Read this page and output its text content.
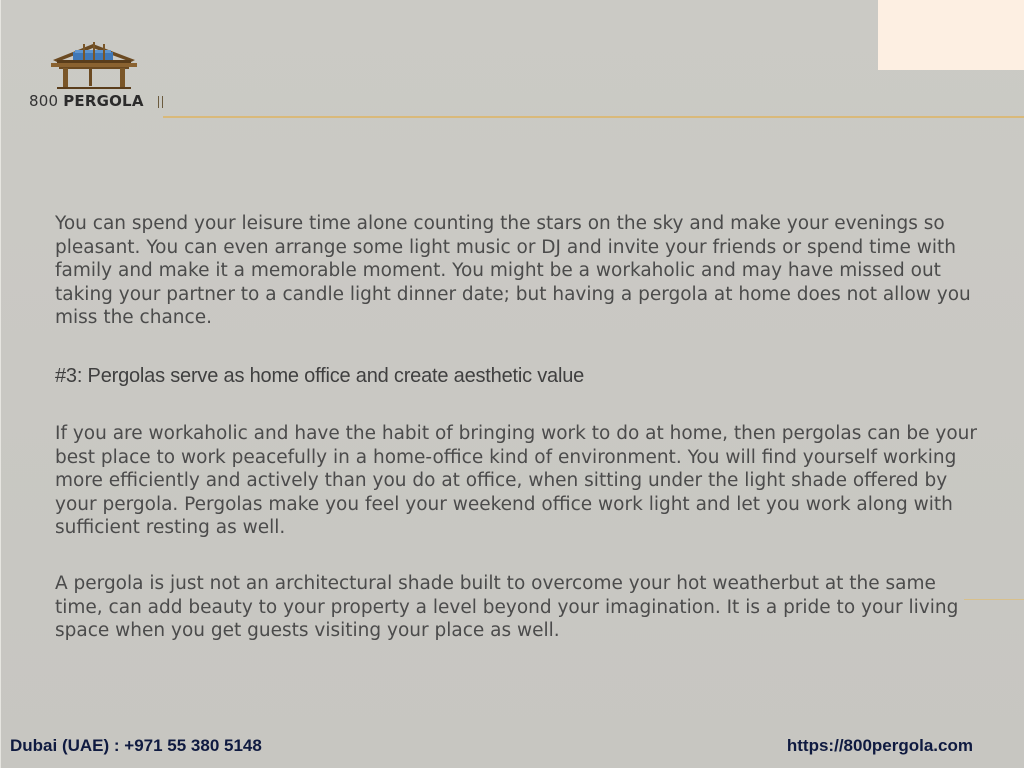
800 PERGOLA

You can spend your leisure time alone counting the stars on the sky and make your evenings so pleasant. You can even arrange some light music or DJ and invite your friends or spend time with family and make it a memorable moment. You might be a workaholic and may have missed out taking your partner to a candle light dinner date; but having a pergola at home does not allow you miss the chance.

#3: Pergolas serve as home office and create aesthetic value

If you are workaholic and have the habit of bringing work to do at home, then pergolas can be your best place to work peacefully in a home-office kind of environment. You will find yourself working more efficiently and actively than you do at office, when sitting under the light shade offered by your pergola. Pergolas make you feel your weekend office work light and let you work along with sufficient resting as well.

A pergola is just not an architectural shade built to overcome your hot weatherbut at the same time, can add beauty to your property a level beyond your imagination. It is a pride to your living space when you get guests visiting your place as well.

Dubai (UAE) : +971 55 380 5148	https://800pergola.com
